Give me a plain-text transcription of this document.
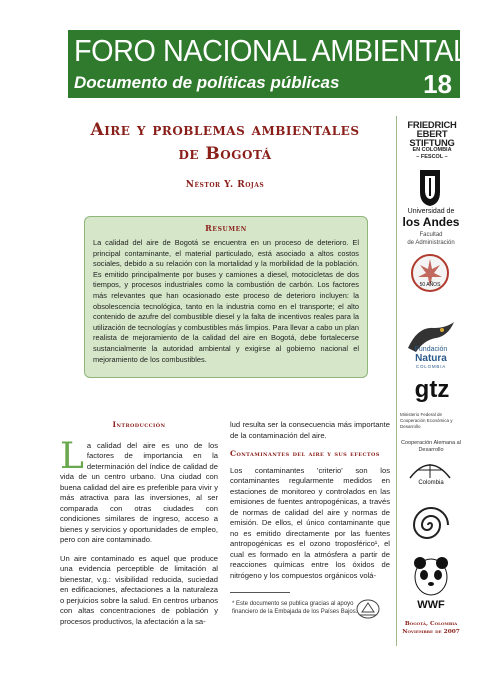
FORO NACIONAL AMBIENTAL
Documento de políticas públicas	18
Aire y problemas ambientales
de Bogotá
Néstor Y. Rojas
Resumen
La calidad del aire de Bogotá se encuentra en un proceso de deterioro. El principal contaminante, el material particulado, está asociado a altos costos sociales, debido a su relación con la mortalidad y la morbilidad de la población. Es emitido principalmente por buses y camiones a diesel, motocicletas de dos tiempos, y procesos industriales como la combustión de carbón. Los factores más relevantes que han ocasionado este proceso de deterioro incluyen: la obsolescencia tecnológica, tanto en la industria como en el transporte; el alto contenido de azufre del combustible diesel y la falta de incentivos reales para la utilización de tecnologías y combustibles más limpios. Para llevar a cabo un plan realista de mejoramiento de la calidad del aire en Bogotá, debe fortalecerse sustancialmente la autoridad ambiental y exigirse al gobierno nacional el mejoramiento de los combustibles.
Introducción
La calidad del aire es uno de los factores de importancia en la determinación del índice de calidad de vida de un centro urbano. Una ciudad con buena calidad del aire es preferible para vivir y más atractiva para las inversiones, al ser comparada con otras ciudades con condiciones similares de ingreso, acceso a bienes y servicios y oportunidades de empleo, pero con aire contaminado.
Un aire contaminado es aquel que produce una evidencia perceptible de limitación al bienestar, v.g.: visibilidad reducida, suciedad en edificaciones, afectaciones a la naturaleza o perjuicios sobre la salud. En centros urbanos con altas concentraciones de población y procesos productivos, la afectación a la sa-
lud resulta ser la consecuencia más importante de la contaminación del aire.
Contaminantes del aire y sus efectos
Los contaminantes 'criterio' son los contaminantes regularmente medidos en estaciones de monitoreo y controlados en las emisiones de fuentes antropogénicas, a través de normas de calidad del aire y normas de emisión. De ellos, el único contaminante que no es emitido directamente por las fuentes antropogénicas es el ozono troposférico¹, el cual es formado en la atmósfera a partir de reacciones químicas entre los óxidos de nitrógeno y los compuestos orgánicos volá-
* Este documento se publica gracias al apoyo financiero de la Embajada de los Países Bajos.
FRIEDRICH
EBERT
STIFTUNG
EN COLOMBIA
– FESCOL –
Universidad de
los Andes
Facultad
de Administración
50 AÑOS
Fundación
Natura
COLOMBIA
gtz
Ministerio Federal de Cooperación Económica y Desarrollo
Cooperación Alemana al Desarrollo
Colombia
WWF
Bogotá, Colombia
Noviembre de 2007
